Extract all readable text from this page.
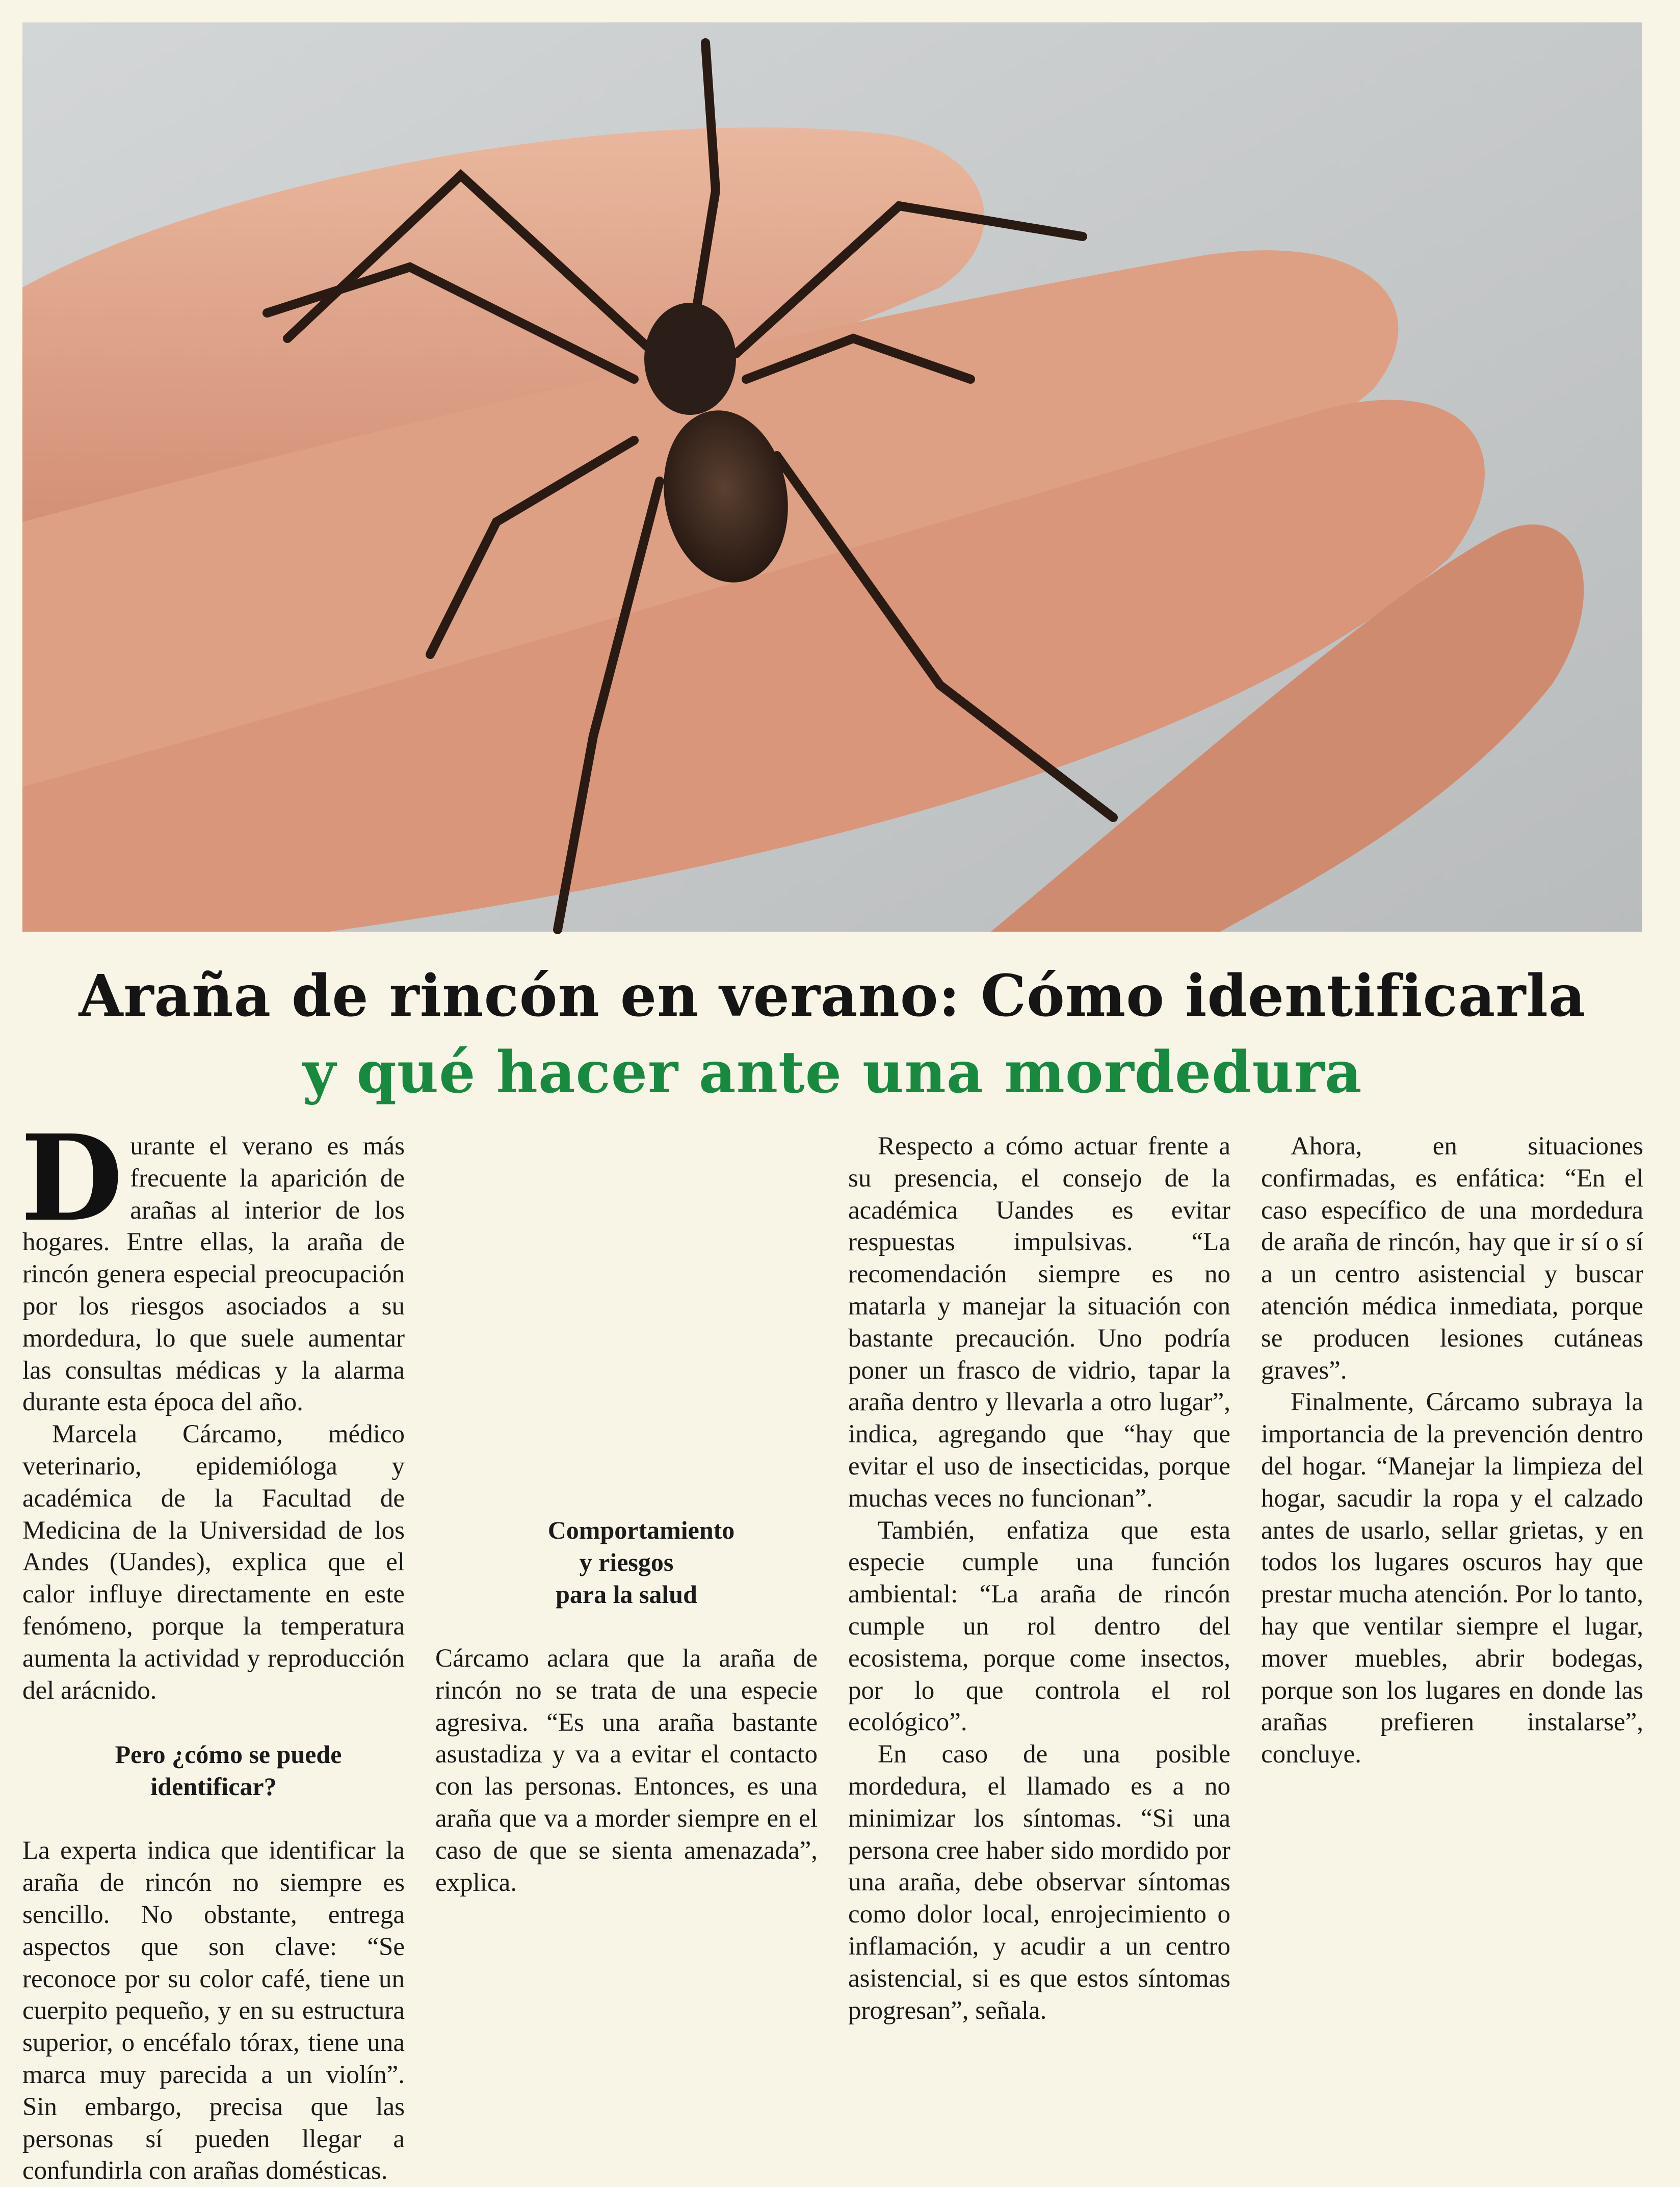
Araña de rincón en verano: Cómo identificarla
y qué hacer ante una mordedura

Durante el verano es más frecuente la aparición de arañas al interior de los hogares. Entre ellas, la araña de rincón genera especial preocupación por los riesgos asociados a su mordedura, lo que suele aumentar las consultas médicas y la alarma durante esta época del año.

Marcela Cárcamo, médico veterinario, epidemióloga y académica de la Facultad de Medicina de la Universidad de los Andes (Uandes), explica que el calor influye directamente en este fenómeno, porque la temperatura aumenta la actividad y reproducción del arácnido.

Pero ¿cómo se puede
identificar?

La experta indica que identificar la araña de rincón no siempre es sencillo. No obstante, entrega aspectos que son clave: “Se reconoce por su color café, tiene un cuerpito pequeño, y en su estructura superior, o encéfalo tórax, tiene una marca muy parecida a un violín”. Sin embargo, precisa que las personas sí pueden llegar a confundirla con arañas domésticas.

Comportamiento
y riesgos
para la salud

Cárcamo aclara que la araña de rincón no se trata de una especie agresiva. “Es una araña bastante asustadiza y va a evitar el contacto con las personas. Entonces, es una araña que va a morder siempre en el caso de que se sienta amenazada”, explica.

Respecto a cómo actuar frente a su presencia, el consejo de la académica Uandes es evitar respuestas impulsivas. “La recomendación siempre es no matarla y manejar la situación con bastante precaución. Uno podría poner un frasco de vidrio, tapar la araña dentro y llevarla a otro lugar”, indica, agregando que “hay que evitar el uso de insecticidas, porque muchas veces no funcionan”.

También, enfatiza que esta especie cumple una función ambiental: “La araña de rincón cumple un rol dentro del ecosistema, porque come insectos, por lo que controla el rol ecológico”.

En caso de una posible mordedura, el llamado es a no minimizar los síntomas. “Si una persona cree haber sido mordido por una araña, debe observar síntomas como dolor local, enrojecimiento o inflamación, y acudir a un centro asistencial, si es que estos síntomas progresan”, señala.

Ahora, en situaciones confirmadas, es enfática: “En el caso específico de una mordedura de araña de rincón, hay que ir sí o sí a un centro asistencial y buscar atención médica inmediata, porque se producen lesiones cutáneas graves”.

Finalmente, Cárcamo subraya la importancia de la prevención dentro del hogar. “Manejar la limpieza del hogar, sacudir la ropa y el calzado antes de usarlo, sellar grietas, y en todos los lugares oscuros hay que prestar mucha atención. Por lo tanto, hay que ventilar siempre el lugar, mover muebles, abrir bodegas, porque son los lugares en donde las arañas prefieren instalarse”, concluye.
